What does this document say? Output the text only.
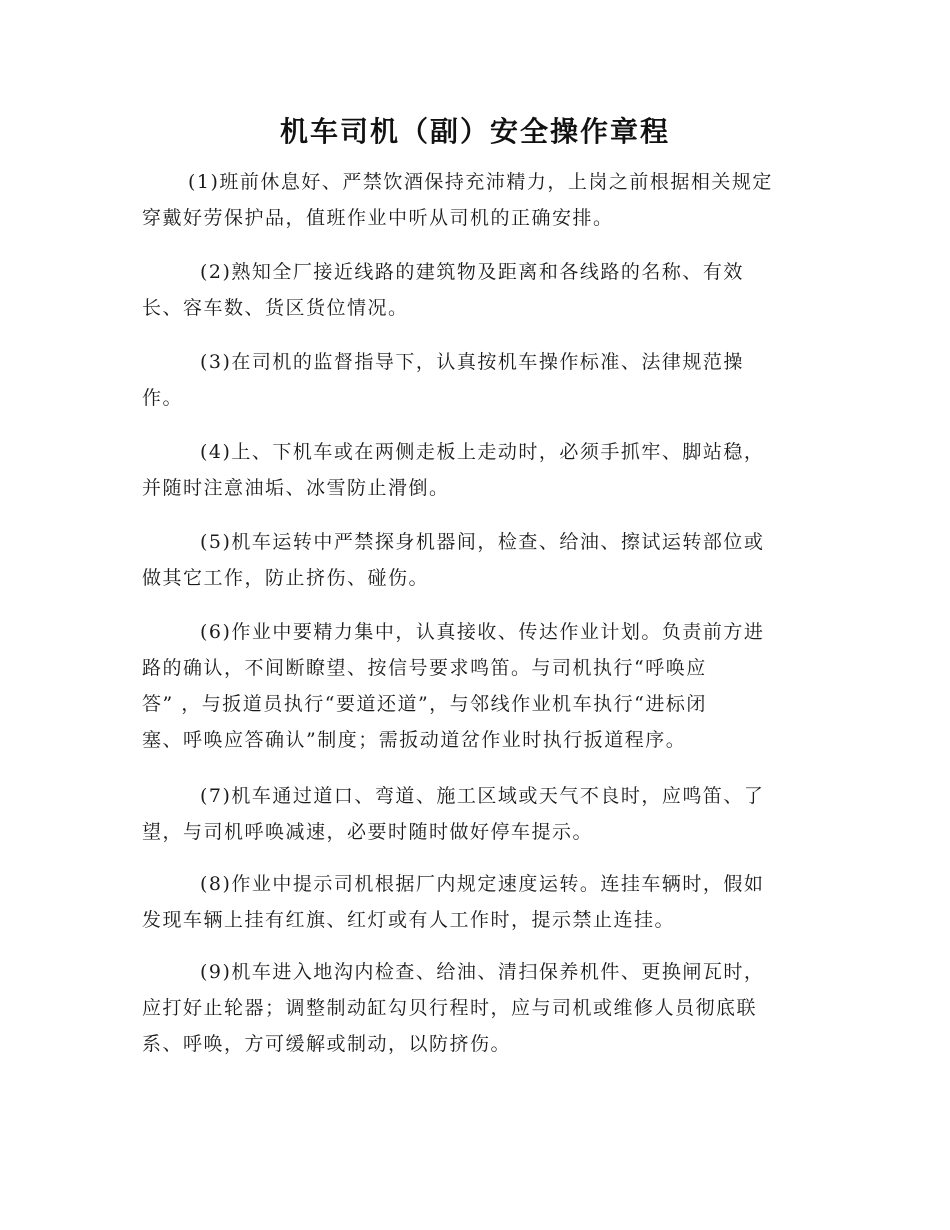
机车司机（副）安全操作章程

(1)班前休息好、严禁饮酒保持充沛精力，上岗之前根据相关规定
穿戴好劳保护品，值班作业中听从司机的正确安排。

(2)熟知全厂接近线路的建筑物及距离和各线路的名称、有效
长、容车数、货区货位情况。

(3)在司机的监督指导下，认真按机车操作标准、法律规范操
作。

(4)上、下机车或在两侧走板上走动时，必须手抓牢、脚站稳，
并随时注意油垢、冰雪防止滑倒。

(5)机车运转中严禁探身机器间，检查、给油、擦试运转部位或
做其它工作，防止挤伤、碰伤。

(6)作业中要精力集中，认真接收、传达作业计划。负责前方进
路的确认，不间断瞭望、按信号要求鸣笛。与司机执行“呼唤应
答” ，与扳道员执行“要道还道”，与邻线作业机车执行“进标闭
塞、呼唤应答确认”制度；需扳动道岔作业时执行扳道程序。

(7)机车通过道口、弯道、施工区域或天气不良时，应鸣笛、了
望，与司机呼唤减速，必要时随时做好停车提示。

(8)作业中提示司机根据厂内规定速度运转。连挂车辆时，假如
发现车辆上挂有红旗、红灯或有人工作时，提示禁止连挂。

(9)机车进入地沟内检查、给油、清扫保养机件、更换闸瓦时，
应打好止轮器；调整制动缸勾贝行程时，应与司机或维修人员彻底联
系、呼唤，方可缓解或制动，以防挤伤。
